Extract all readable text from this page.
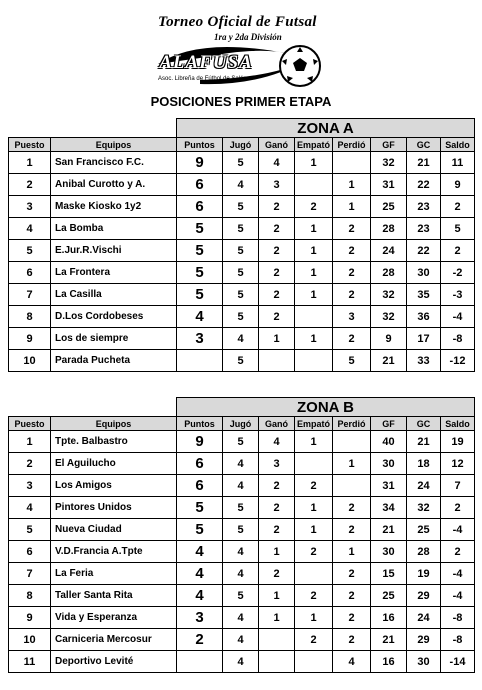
Torneo Oficial de Futsal
1ra y 2da División
ALAFUSA
Asoc. Libreña de Fútbol de Salón
POSICIONES PRIMER ETAPA
		ZONA A							
Puesto	Equipos	Puntos	Jugó	Ganó	Empató	Perdió	GF	GC	Saldo
1	San Francisco F.C.	9	5	4	1		32	21	11
2	Anibal Curotto y A.	6	4	3		1	31	22	9
3	Maske Kiosko 1y2	6	5	2	2	1	25	23	2
4	La Bomba	5	5	2	1	2	28	23	5
5	E.Jur.R.Vischi	5	5	2	1	2	24	22	2
6	La Frontera	5	5	2	1	2	28	30	-2
7	La Casilla	5	5	2	1	2	32	35	-3
8	D.Los Cordobeses	4	5	2		3	32	36	-4
9	Los de siempre	3	4	1	1	2	9	17	-8
10	Parada Pucheta		5			5	21	33	-12
		ZONA B							
Puesto	Equipos	Puntos	Jugó	Ganó	Empató	Perdió	GF	GC	Saldo
1	Tpte. Balbastro	9	5	4	1		40	21	19
2	El Aguilucho	6	4	3		1	30	18	12
3	Los Amigos	6	4	2	2		31	24	7
4	Pintores Unidos	5	5	2	1	2	34	32	2
5	Nueva Ciudad	5	5	2	1	2	21	25	-4
6	V.D.Francia A.Tpte	4	4	1	2	1	30	28	2
7	La Feria	4	4	2		2	15	19	-4
8	Taller Santa Rita	4	5	1	2	2	25	29	-4
9	Vida y Esperanza	3	4	1	1	2	16	24	-8
10	Carniceria Mercosur	2	4		2	2	21	29	-8
11	Deportivo Levité		4			4	16	30	-14
